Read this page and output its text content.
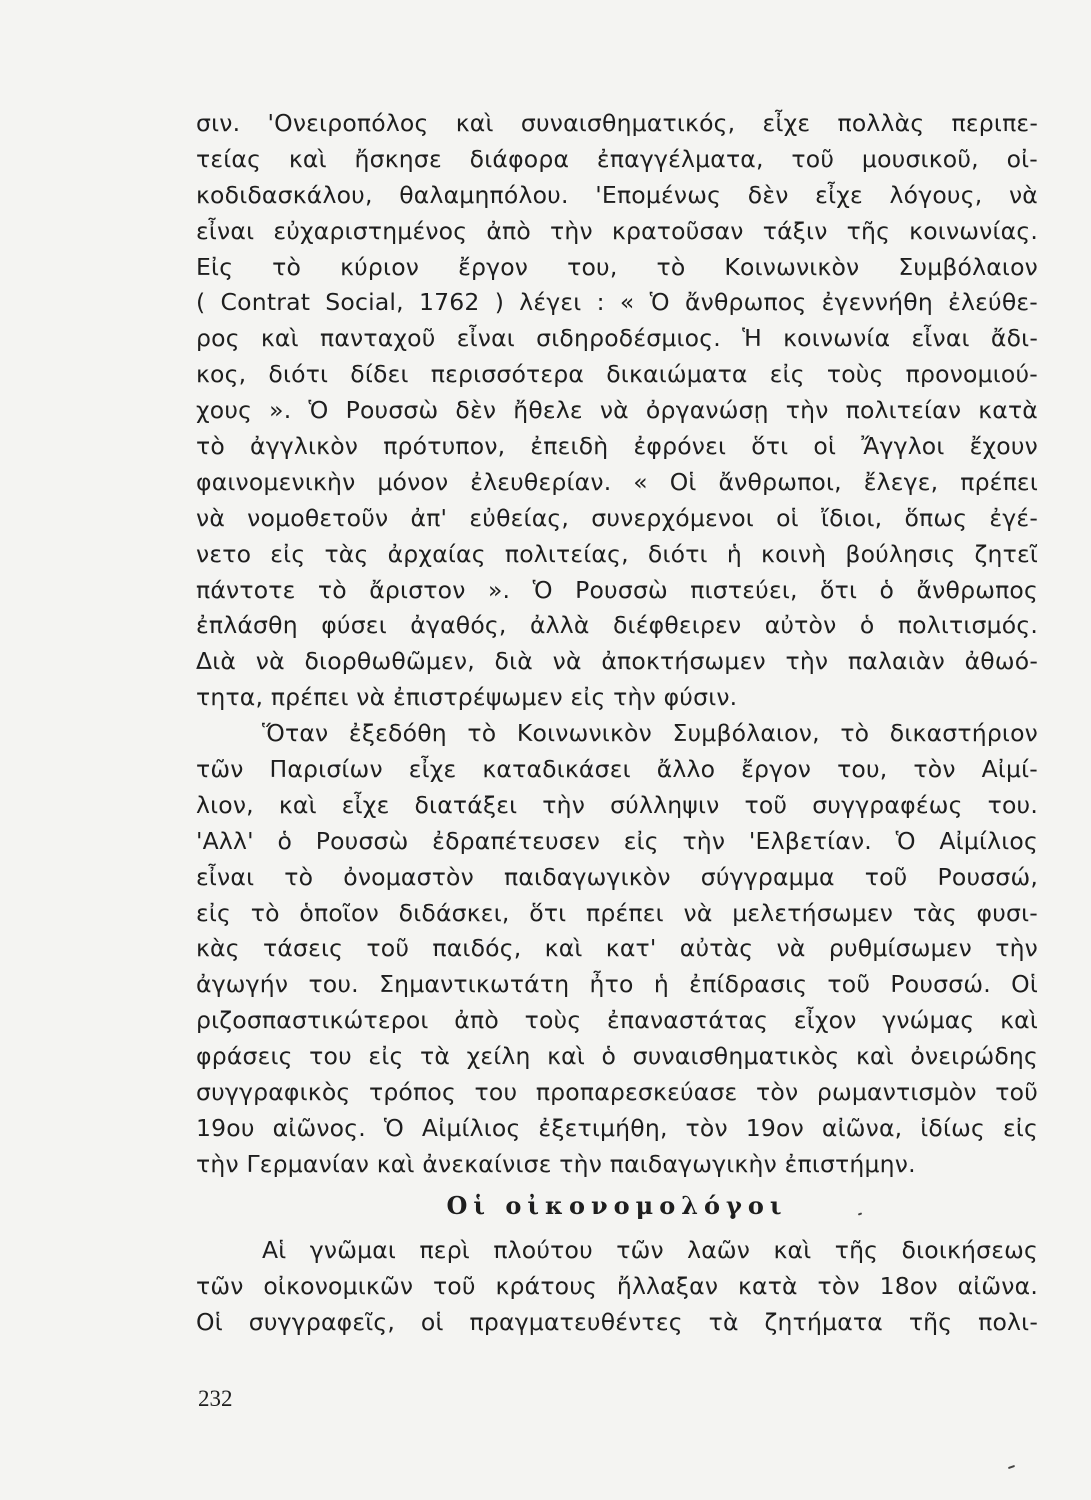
σιν. 'Ονειροπόλος καὶ συναισθηματικός, εἶχε πολλὰς περιπε-
τείας καὶ ἤσκησε διάφορα ἐπαγγέλματα, τοῦ μουσικοῦ, οἰ-
κοδιδασκάλου, θαλαμηπόλου. 'Επομένως δὲν εἶχε λόγους, νὰ
εἶναι εὐχαριστημένος ἀπὸ τὴν κρατοῦσαν τάξιν τῆς κοινωνίας.
Εἰς τὸ κύριον ἔργον του, τὸ Κοινωνικὸν Συμβόλαιον
( Contrat Social, 1762 ) λέγει : « Ὁ ἄνθρωπος ἐγεννήθη ἐλεύθε-
ρος καὶ πανταχοῦ εἶναι σιδηροδέσμιος. Ἡ κοινωνία εἶναι ἄδι-
κος, διότι δίδει περισσότερα δικαιώματα εἰς τοὺς προνομιού-
χους ». Ὁ Ρουσσὼ δὲν ἤθελε νὰ ὀργανώσῃ τὴν πολιτείαν κατὰ
τὸ ἀγγλικὸν πρότυπον, ἐπειδὴ ἐφρόνει ὅτι οἱ Ἄγγλοι ἔχουν
φαινομενικὴν μόνον ἐλευθερίαν. « Οἱ ἄνθρωποι, ἔλεγε, πρέπει
νὰ νομοθετοῦν ἀπ' εὐθείας, συνερχόμενοι οἱ ἴδιοι, ὅπως ἐγέ-
νετο εἰς τὰς ἀρχαίας πολιτείας, διότι ἡ κοινὴ βούλησις ζητεῖ
πάντοτε τὸ ἄριστον ». Ὁ Ρουσσὼ πιστεύει, ὅτι ὁ ἄνθρωπος
ἐπλάσθη φύσει ἀγαθός, ἀλλὰ διέφθειρεν αὐτὸν ὁ πολιτισμός.
Διὰ νὰ διορθωθῶμεν, διὰ νὰ ἀποκτήσωμεν τὴν παλαιὰν ἀθωό-
τητα, πρέπει νὰ ἐπιστρέψωμεν εἰς τὴν φύσιν.
Ὅταν ἐξεδόθη τὸ Κοινωνικὸν Συμβόλαιον, τὸ δικαστήριον
τῶν Παρισίων εἶχε καταδικάσει ἄλλο ἔργον του, τὸν Αἰμί-
λιον, καὶ εἶχε διατάξει τὴν σύλληψιν τοῦ συγγραφέως του.
'Αλλ' ὁ Ρουσσὼ ἐδραπέτευσεν εἰς τὴν 'Ελβετίαν. Ὁ Αἰμίλιος
εἶναι τὸ ὀνομαστὸν παιδαγωγικὸν σύγγραμμα τοῦ Ρουσσώ,
εἰς τὸ ὁποῖον διδάσκει, ὅτι πρέπει νὰ μελετήσωμεν τὰς φυσι-
κὰς τάσεις τοῦ παιδός, καὶ κατ' αὐτὰς νὰ ρυθμίσωμεν τὴν
ἀγωγήν του. Σημαντικωτάτη ἦτο ἡ ἐπίδρασις τοῦ Ρουσσώ. Οἱ
ριζοσπαστικώτεροι ἀπὸ τοὺς ἐπαναστάτας εἶχον γνώμας καὶ
φράσεις του εἰς τὰ χείλη καὶ ὁ συναισθηματικὸς καὶ ὀνειρώδης
συγγραφικὸς τρόπος του προπαρεσκεύασε τὸν ρωμαντισμὸν τοῦ
19ου αἰῶνος. Ὁ Αἰμίλιος ἐξετιμήθη, τὸν 19ον αἰῶνα, ἰδίως εἰς
τὴν Γερμανίαν καὶ ἀνεκαίνισε τὴν παιδαγωγικὴν ἐπιστήμην.
Οἱ οἰκονομολόγοι
Αἱ γνῶμαι περὶ πλούτου τῶν λαῶν καὶ τῆς διοικήσεως
τῶν οἰκονομικῶν τοῦ κράτους ἤλλαξαν κατὰ τὸν 18ον αἰῶνα.
Οἱ συγγραφεῖς, οἱ πραγματευθέντες τὰ ζητήματα τῆς πολι-
232
